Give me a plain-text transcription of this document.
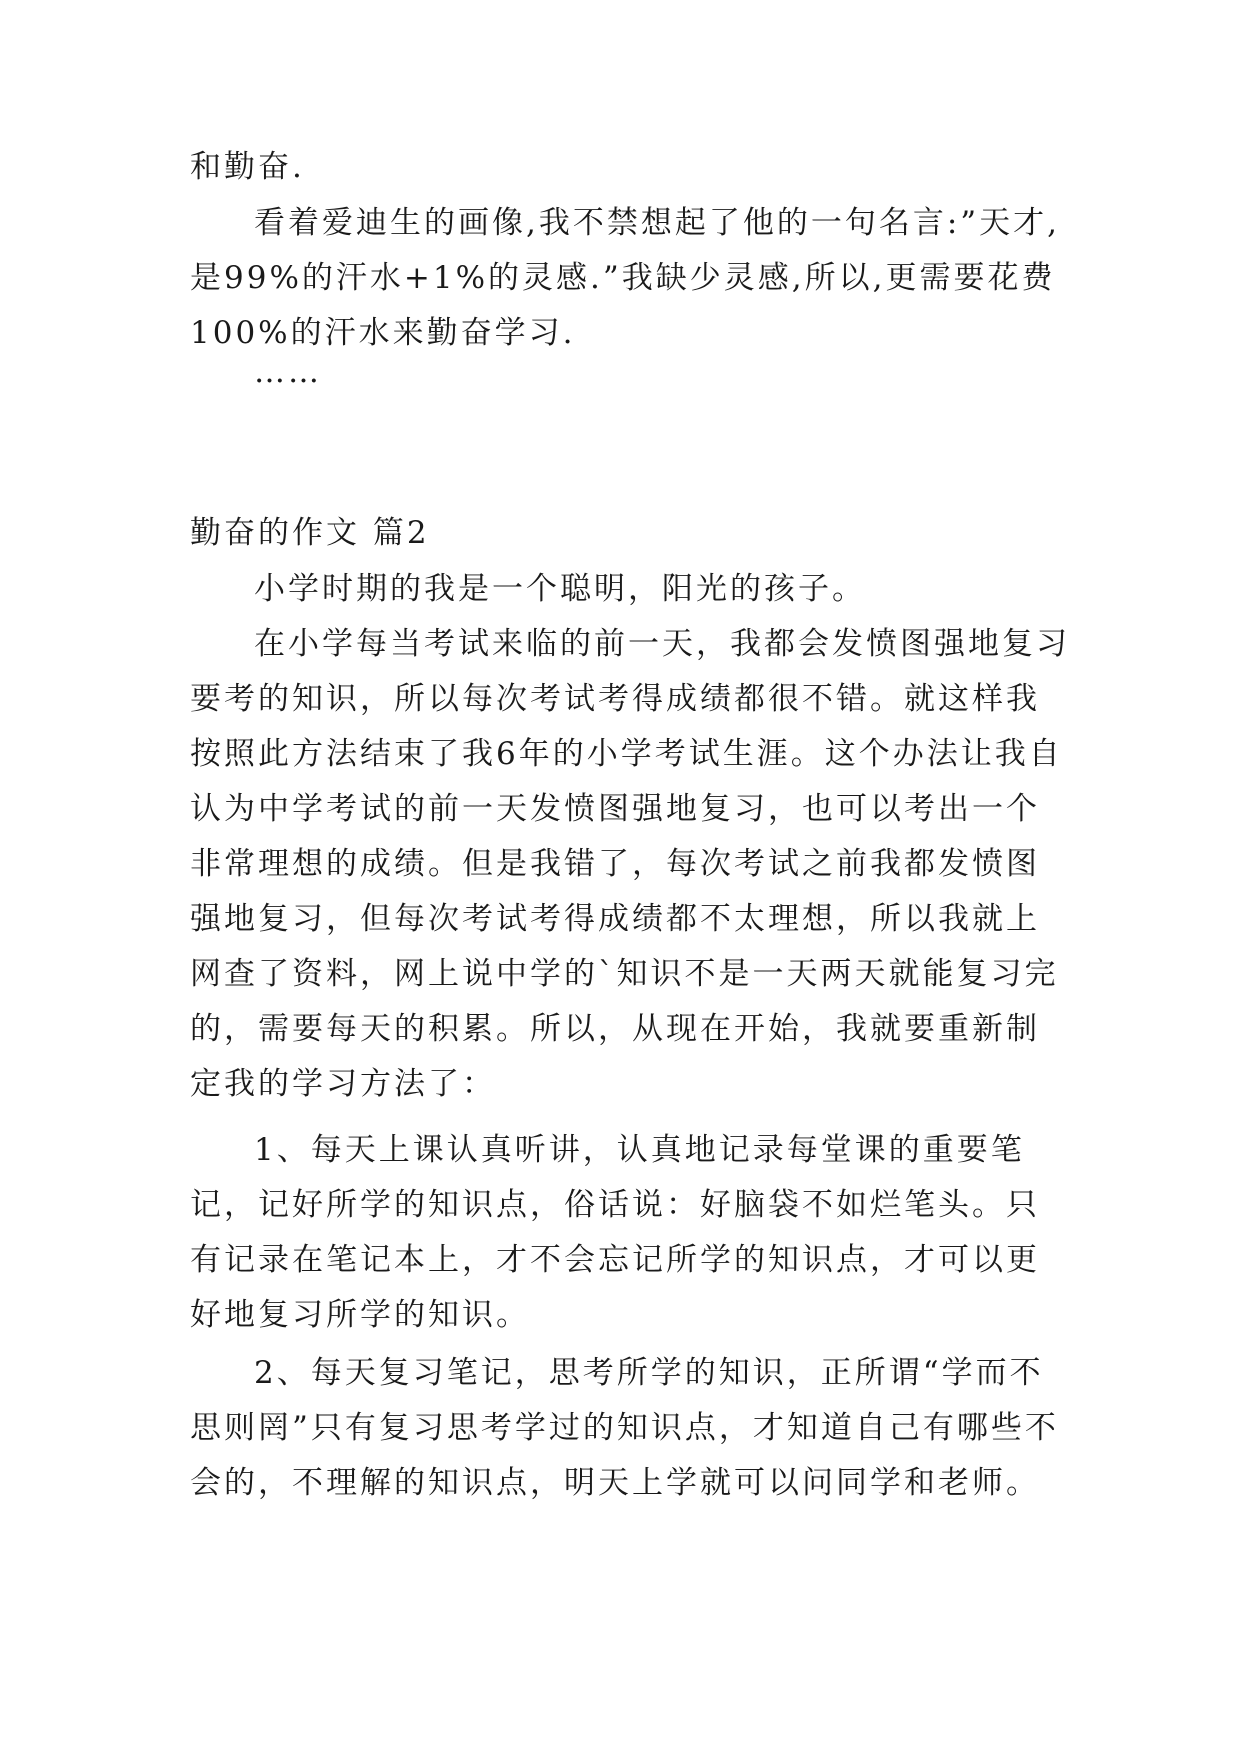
和勤奋.
看着爱迪生的画像,我不禁想起了他的一句名言:”天才,是99%的汗水+1%的灵感.”我缺少灵感,所以,更需要花费100%的汗水来勤奋学习.
……
勤奋的作文 篇2
小学时期的我是一个聪明，阳光的孩子。
在小学每当考试来临的前一天，我都会发愤图强地复习要考的知识，所以每次考试考得成绩都很不错。就这样我按照此方法结束了我6年的小学考试生涯。这个办法让我自认为中学考试的前一天发愤图强地复习，也可以考出一个非常理想的成绩。但是我错了，每次考试之前我都发愤图强地复习，但每次考试考得成绩都不太理想，所以我就上网查了资料，网上说中学的`知识不是一天两天就能复习完的，需要每天的积累。所以，从现在开始，我就要重新制定我的学习方法了：
1、每天上课认真听讲，认真地记录每堂课的重要笔记，记好所学的知识点，俗话说：好脑袋不如烂笔头。只有记录在笔记本上，才不会忘记所学的知识点，才可以更好地复习所学的知识。
2、每天复习笔记，思考所学的知识，正所谓“学而不思则罔”只有复习思考学过的知识点，才知道自己有哪些不会的，不理解的知识点，明天上学就可以问同学和老师。
